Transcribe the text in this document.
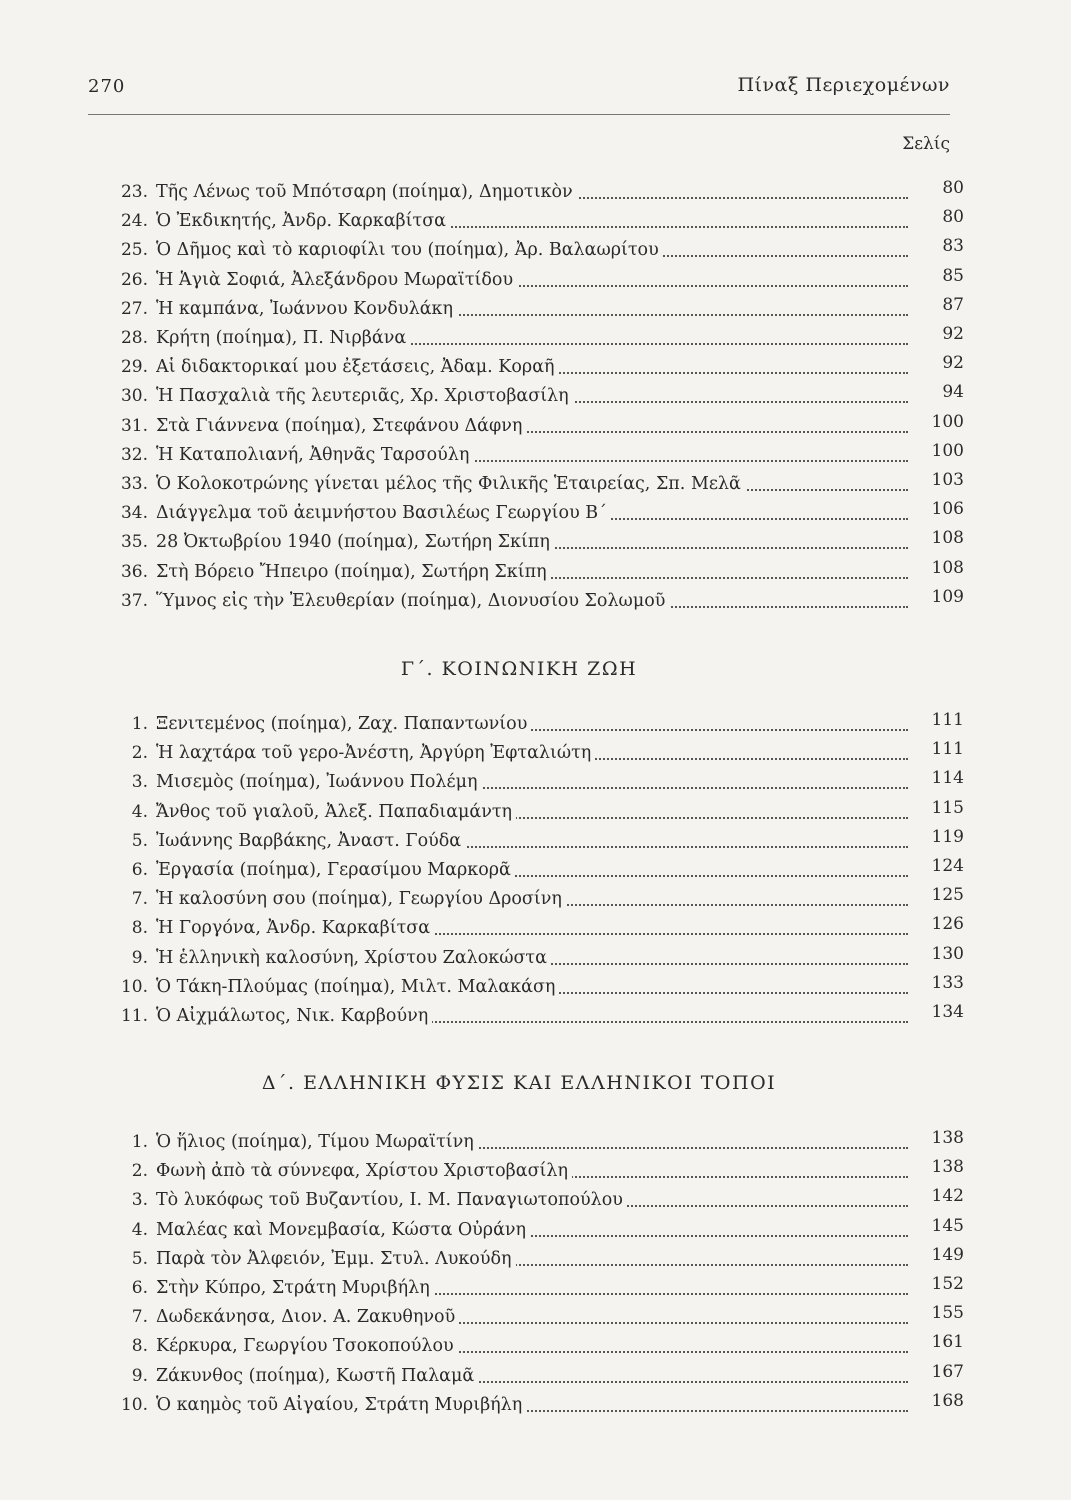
270	Πίναξ Περιεχομένων
Σελίς
23. Τῆς Λένως τοῦ Μπότσαρη (ποίημα), Δημοτικὸν	80
24. Ὁ Ἐκδικητής, Ἀνδρ. Καρκαβίτσα	80
25. Ὁ Δῆμος καὶ τὸ καριοφίλι του (ποίημα), Ἀρ. Βαλαωρίτου	83
26. Ἡ Ἁγιὰ Σοφιά, Ἀλεξάνδρου Μωραϊτίδου	85
27. Ἡ καμπάνα, Ἰωάννου Κονδυλάκη	87
28. Κρήτη (ποίημα), Π. Νιρβάνα	92
29. Αἱ διδακτορικαί μου ἐξετάσεις, Ἀδαμ. Κοραῆ	92
30. Ἡ Πασχαλιὰ τῆς λευτεριᾶς, Χρ. Χριστοβασίλη	94
31. Στὰ Γιάννενα (ποίημα), Στεφάνου Δάφνη	100
32. Ἡ Καταπολιανή, Ἀθηνᾶς Ταρσούλη	100
33. Ὁ Κολοκοτρώνης γίνεται μέλος τῆς Φιλικῆς Ἑταιρείας, Σπ. Μελᾶ	103
34. Διάγγελμα τοῦ ἀειμνήστου Βασιλέως Γεωργίου Β΄	106
35. 28 Ὀκτωβρίου 1940 (ποίημα), Σωτήρη Σκίπη	108
36. Στὴ Βόρειο Ἤπειρο (ποίημα), Σωτήρη Σκίπη	108
37. Ὕμνος εἰς τὴν Ἐλευθερίαν (ποίημα), Διονυσίου Σολωμοῦ	109
Γ΄. ΚΟΙΝΩΝΙΚΗ ΖΩΗ
1. Ξενιτεμένος (ποίημα), Ζαχ. Παπαντωνίου	111
2. Ἡ λαχτάρα τοῦ γερο-Ἀνέστη, Ἀργύρη Ἐφταλιώτη	111
3. Μισεμὸς (ποίημα), Ἰωάννου Πολέμη	114
4. Ἄνθος τοῦ γιαλοῦ, Ἀλεξ. Παπαδιαμάντη	115
5. Ἰωάννης Βαρβάκης, Ἀναστ. Γούδα	119
6. Ἐργασία (ποίημα), Γερασίμου Μαρκορᾶ	124
7. Ἡ καλοσύνη σου (ποίημα), Γεωργίου Δροσίνη	125
8. Ἡ Γοργόνα, Ἀνδρ. Καρκαβίτσα	126
9. Ἡ ἑλληνικὴ καλοσύνη, Χρίστου Ζαλοκώστα	130
10. Ὁ Τάκη-Πλούμας (ποίημα), Μιλτ. Μαλακάση	133
11. Ὁ Αἰχμάλωτος, Νικ. Καρβούνη	134
Δ΄. ΕΛΛΗΝΙΚΗ ΦΥΣΙΣ ΚΑΙ ΕΛΛΗΝΙΚΟΙ ΤΟΠΟΙ
1. Ὁ ἥλιος (ποίημα), Τίμου Μωραϊτίνη	138
2. Φωνὴ ἀπὸ τὰ σύννεφα, Χρίστου Χριστοβασίλη	138
3. Τὸ λυκόφως τοῦ Βυζαντίου, Ι. Μ. Παναγιωτοπούλου	142
4. Μαλέας καὶ Μονεμβασία, Κώστα Οὐράνη	145
5. Παρὰ τὸν Ἀλφειόν, Ἐμμ. Στυλ. Λυκούδη	149
6. Στὴν Κύπρο, Στράτη Μυριβήλη	152
7. Δωδεκάνησα, Διον. Α. Ζακυθηνοῦ	155
8. Κέρκυρα, Γεωργίου Τσοκοπούλου	161
9. Ζάκυνθος (ποίημα), Κωστῆ Παλαμᾶ	167
10. Ὁ καημὸς τοῦ Αἰγαίου, Στράτη Μυριβήλη	168
